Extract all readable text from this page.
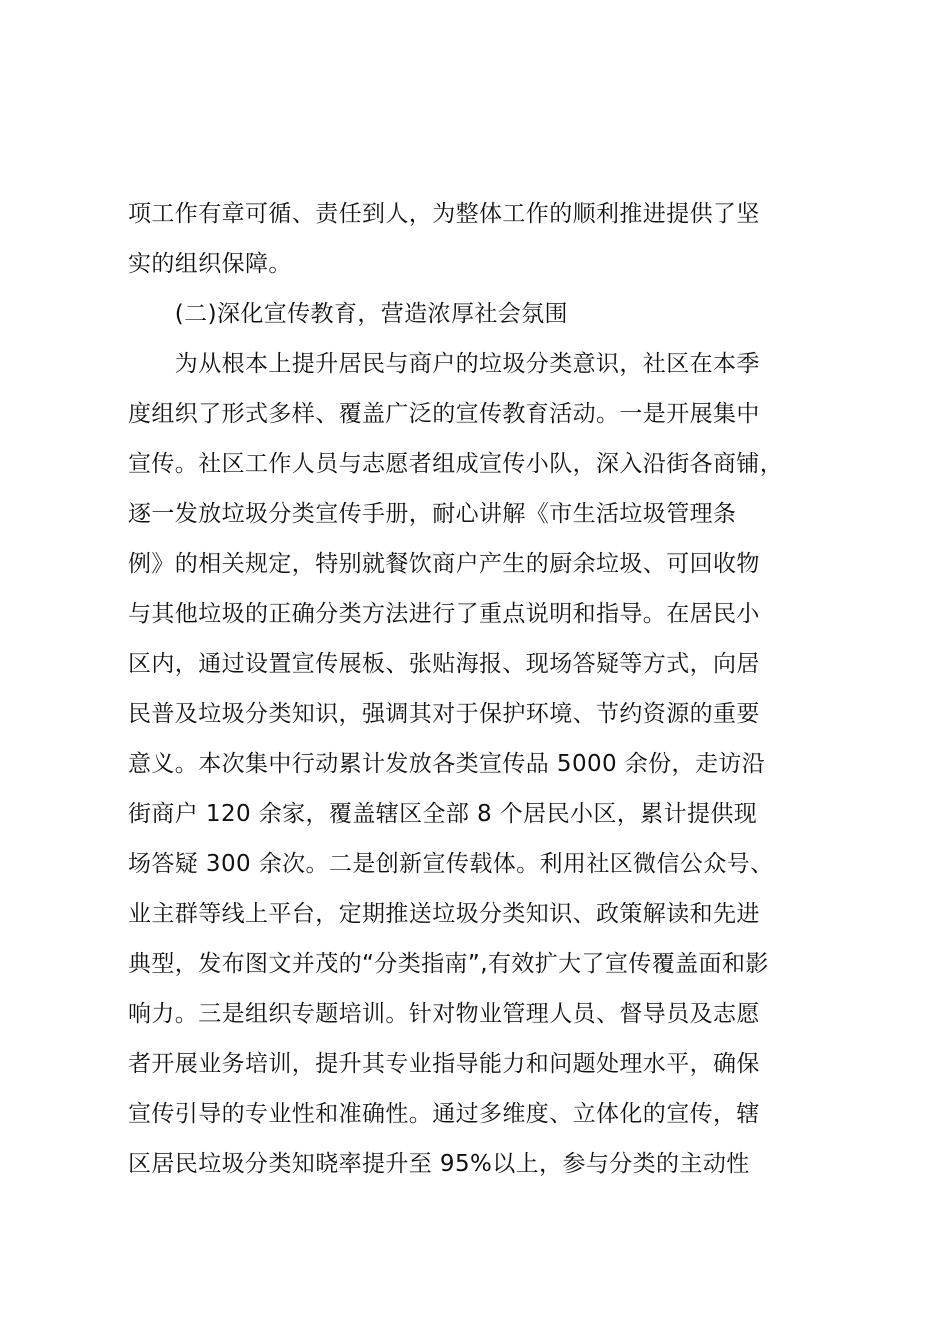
项工作有章可循、责任到人，为整体工作的顺利推进提供了坚
实的组织保障。
　　(二)深化宣传教育，营造浓厚社会氛围
　　为从根本上提升居民与商户的垃圾分类意识，社区在本季
度组织了形式多样、覆盖广泛的宣传教育活动。一是开展集中
宣传。社区工作人员与志愿者组成宣传小队，深入沿街各商铺，
逐一发放垃圾分类宣传手册，耐心讲解《市生活垃圾管理条
例》的相关规定，特别就餐饮商户产生的厨余垃圾、可回收物
与其他垃圾的正确分类方法进行了重点说明和指导。在居民小
区内，通过设置宣传展板、张贴海报、现场答疑等方式，向居
民普及垃圾分类知识，强调其对于保护环境、节约资源的重要
意义。本次集中行动累计发放各类宣传品 5000 余份，走访沿
街商户 120 余家，覆盖辖区全部 8 个居民小区，累计提供现
场答疑 300 余次。二是创新宣传载体。利用社区微信公众号、
业主群等线上平台，定期推送垃圾分类知识、政策解读和先进
典型，发布图文并茂的“分类指南”,有效扩大了宣传覆盖面和影
响力。三是组织专题培训。针对物业管理人员、督导员及志愿
者开展业务培训，提升其专业指导能力和问题处理水平，确保
宣传引导的专业性和准确性。通过多维度、立体化的宣传，辖
区居民垃圾分类知晓率提升至 95%以上，参与分类的主动性
